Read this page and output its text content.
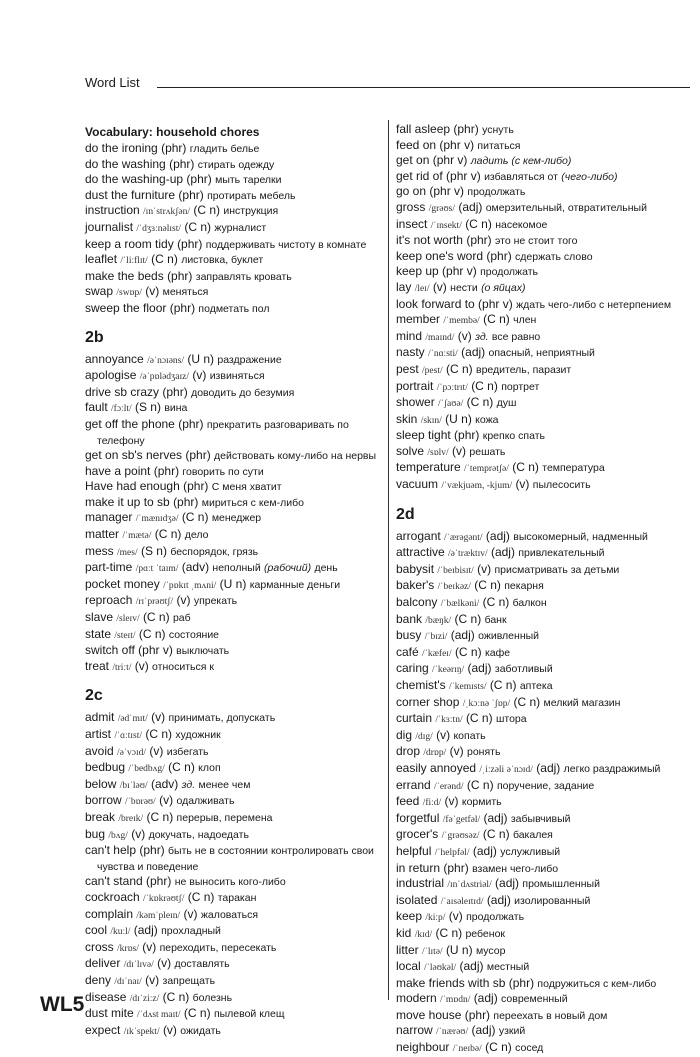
Word List
Vocabulary: household chores
do the ironing (phr) гладить белье
do the washing (phr) стирать одежду
do the washing-up (phr) мыть тарелки
dust the furniture (phr) протирать мебель
instruction /ɪnˈstrʌkʃən/ (C n) инструкция
journalist /ˈdʒɜːnəlɪst/ (C n) журналист
keep a room tidy (phr) поддерживать чистоту в комнате
leaflet /ˈliːflɪt/ (C n) листовка, буклет
make the beds (phr) заправлять кровать
swap /swɒp/ (v) меняться
sweep the floor (phr) подметать пол
2b
annoyance /əˈnɔɪəns/ (U n) раздражение
apologise /əˈpɒlədʒaɪz/ (v) извиняться
drive sb crazy (phr) доводить до безумия
fault /fɔːlt/ (S n) вина
get off the phone (phr) прекратить разговаривать по телефону
get on sb's nerves (phr) действовать кому-либо на нервы
have a point (phr) говорить по сути
Have had enough (phr) С меня хватит
make it up to sb (phr) мириться с кем-либо
manager /ˈmænɪdʒə/ (C n) менеджер
matter /ˈmætə/ (C n) дело
mess /mes/ (S n) беспорядок, грязь
part-time /pɑːt ˈtaɪm/ (adv) неполный (рабочий) день
pocket money /ˈpɒkɪt ˌmʌni/ (U n) карманные деньги
reproach /rɪˈprəʊtʃ/ (v) упрекать
slave /sleɪv/ (C n) раб
state /steɪt/ (C n) состояние
switch off (phr v) выключать
treat /triːt/ (v) относиться к
2c
admit /ədˈmɪt/ (v) принимать, допускать
artist /ˈɑːtɪst/ (C n) художник
avoid /əˈvɔɪd/ (v) избегать
bedbug /ˈbedbʌg/ (C n) клоп
below /bɪˈləʊ/ (adv) зд. менее чем
borrow /ˈbɒrəʊ/ (v) одалживать
break /breɪk/ (C n) перерыв, перемена
bug /bʌg/ (v) докучать, надоедать
can't help (phr) быть не в состоянии контролировать свои чувства и поведение
can't stand (phr) не выносить кого-либо
cockroach /ˈkɒkrəʊtʃ/ (C n) таракан
complain /kəmˈpleɪn/ (v) жаловаться
cool /kuːl/ (adj) прохладный
cross /krɒs/ (v) переходить, пересекать
deliver /dɪˈlɪvə/ (v) доставлять
deny /dɪˈnaɪ/ (v) запрещать
disease /dɪˈziːz/ (C n) болезнь
dust mite /ˈdʌst maɪt/ (C n) пылевой клещ
expect /ɪkˈspekt/ (v) ожидать
fall asleep (phr) уснуть
feed on (phr v) питаться
get on (phr v) ладить (с кем-либо)
get rid of (phr v) избавляться от (чего-либо)
go on (phr v) продолжать
gross /grəʊs/ (adj) омерзительный, отвратительный
insect /ˈɪnsekt/ (C n) насекомое
it's not worth (phr) это не стоит того
keep one's word (phr) сдержать слово
keep up (phr v) продолжать
lay /leɪ/ (v) нести (о яйцах)
look forward to (phr v) ждать чего-либо с нетерпением
member /ˈmembə/ (C n) член
mind /maɪnd/ (v) зд. все равно
nasty /ˈnɑːsti/ (adj) опасный, неприятный
pest /pest/ (C n) вредитель, паразит
portrait /ˈpɔːtrɪt/ (C n) портрет
shower /ˈʃaʊə/ (C n) душ
skin /skɪn/ (U n) кожа
sleep tight (phr) крепко спать
solve /sɒlv/ (v) решать
temperature /ˈtemprətʃə/ (C n) температура
vacuum /ˈvækjuəm, -kjum/ (v) пылесосить
2d
arrogant /ˈærəgənt/ (adj) высокомерный, надменный
attractive /əˈtræktɪv/ (adj) привлекательный
babysit /ˈbeɪbisɪt/ (v) присматривать за детьми
baker's /ˈbeɪkəz/ (C n) пекарня
balcony /ˈbælkəni/ (C n) балкон
bank /bæŋk/ (C n) банк
busy /ˈbɪzi/ (adj) оживленный
café /ˈkæfeɪ/ (C n) кафе
caring /ˈkeərɪŋ/ (adj) заботливый
chemist's /ˈkemɪsts/ (C n) аптека
corner shop /ˌkɔːnə ˈʃɒp/ (C n) мелкий магазин
curtain /ˈkɜːtn/ (C n) штора
dig /dɪg/ (v) копать
drop /drɒp/ (v) ронять
easily annoyed /ˌiːzəli əˈnɔɪd/ (adj) легко раздражимый
errand /ˈerənd/ (C n) поручение, задание
feed /fiːd/ (v) кормить
forgetful /fəˈgetfəl/ (adj) забывчивый
grocer's /ˈgrəʊsəz/ (C n) бакалея
helpful /ˈhelpfəl/ (adj) услужливый
in return (phr) взамен чего-либо
industrial /ɪnˈdʌstriəl/ (adj) промышленный
isolated /ˈaɪsəleɪtɪd/ (adj) изолированный
keep /kiːp/ (v) продолжать
kid /kɪd/ (C n) ребенок
litter /ˈlɪtə/ (U n) мусор
local /ˈləʊkəl/ (adj) местный
make friends with sb (phr) подружиться с кем-либо
modern /ˈmɒdn/ (adj) современный
move house (phr) переехать в новый дом
narrow /ˈnærəʊ/ (adj) узкий
neighbour /ˈneɪbə/ (C n) сосед
WL5
